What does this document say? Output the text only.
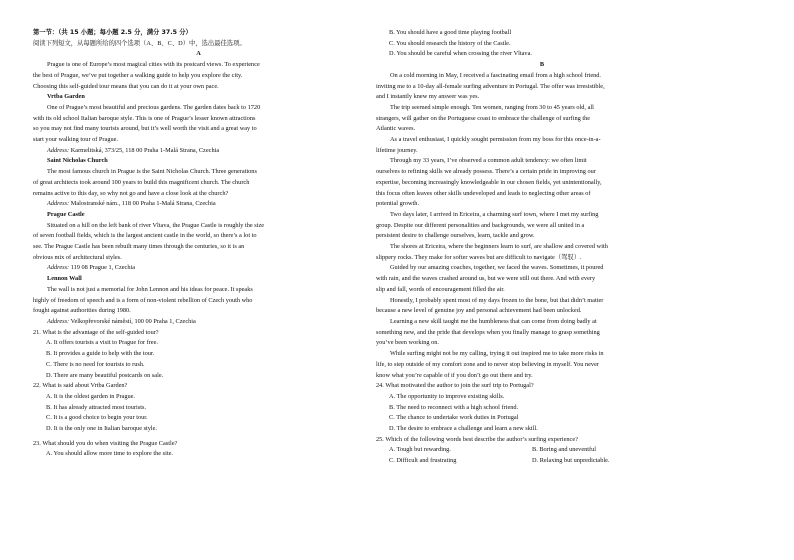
第一节：（共 15 小题；每小题 2.5 分，满分 37.5 分）

阅读下列短文，从每题所给的四个选项（A、B、C、D）中，选出最佳选项。

A

Prague is one of Europe’s most magical cities with its postcard views. To experience

the best of Prague, we’ve put together a walking guide to help you explore the city.

Choosing this self-guided tour means that you can do it at your own pace.

Vrtba Garden

One of Prague’s most beautiful and precious gardens. The garden dates back to 1720

with its old school Italian baroque style. This is one of Prague’s lesser known attractions

so you may not find many tourists around, but it’s well worth the visit and a great way to

start your walking tour of Prague.

Address: Karmelitská, 373/25, 118 00 Praha 1-Malá Strana, Czechia

Saint Nicholas Church

The most famous church in Prague is the Saint Nicholas Church. Three generations

of great architects took around 100 years to build this magnificent church. The church

remains active to this day, so why not go and have a close look at the church?

Address: Malostranské nám., 118 00 Praha 1-Malá Strana, Czechia

Prague Castle

Situated on a hill on the left bank of river Vltava, the Prague Castle is roughly the size

of seven football fields, which is the largest ancient castle in the world, so there’s a lot to

see. The Prague Castle has been rebuilt many times through the centuries, so it is an

obvious mix of architectural styles.

Address: 119 08 Prague 1, Czechia

Lennon Wall

The wall is not just a memorial for John Lennon and his ideas for peace. It speaks

highly of freedom of speech and is a form of non-violent rebellion of Czech youth who

fought against authorities during 1980.

Address: Velkopřevorské náměstí, 100 00 Praha 1, Czechia

21. What is the advantage of the self-guided tour?

A. It offers tourists a visit to Prague for free.

B. It provides a guide to help with the tour.

C. There is no need for tourists to rush.

D. There are many beautiful postcards on sale.

22. What is said about Vrtba Garden?

A. It is the oldest garden in Prague.

B. It has already attracted most tourists.

C. It is a good choice to begin your tour.

D. It is the only one in Italian baroque style.

23. What should you do when visiting the Prague Castle?

A. You should allow more time to explore the site.

B. You should have a good time playing football

C. You should research the history of the Castle.

D. You should be careful when crossing the river Vltava.

B

On a cold morning in May, I received a fascinating email from a high school friend.

inviting me to a 10-day all-female surfing adventure in Portugal. The offer was irresistible,

and I instantly knew my answer was yes.

The trip seemed simple enough. Ten women, ranging from 30 to 45 years old, all

strangers, will gather on the Portuguese coast to embrace the challenge of surfing the

Atlantic waves.

As a travel enthusiast, I quickly sought permission from my boss for this once-in-a-

lifetime journey.

Through my 33 years, I’ve observed a common adult tendency: we often limit

ourselves to refining skills we already possess. There’s a certain pride in improving our

expertise, becoming increasingly knowledgeable in our chosen fields, yet unintentionally,

this focus often leaves other skills undeveloped and leads to neglecting other areas of

potential growth.

Two days later, I arrived in Ericeira, a charming surf town, where I met my surfing

group. Despite our different personalities and backgrounds, we were all united in a

persistent desire to challenge ourselves, learn, tackle and grow.

The shores at Ericeira, where the beginners learn to surf, are shallow and covered with

slippery rocks. They make for softer waves but are difficult to navigate（驾驭）.

Guided by our amazing coaches, together, we faced the waves. Sometimes, it poured

with rain, and the waves crashed around us, but we were still out there. And with every

slip and fall, words of encouragement filled the air.

Honestly, I probably spent most of my days frozen to the bone, but that didn’t matter

because a new level of genuine joy and personal achievement had been unlocked.

Learning a new skill taught me the humbleness that can come from doing badly at

something new, and the pride that develops when you finally manage to grasp something

you’ve been working on.

While surfing might not be my calling, trying it out inspired me to take more risks in

life, to step outside of my comfort zone and to never stop believing in myself. You never

know what you’re capable of if you don’t go out there and try.

24. What motivated the author to join the surf trip to Portugal?

A. The opportunity to improve existing skills.

B. The need to reconnect with a high school friend.

C. The chance to undertake work duties in Portugal

D. The desire to embrace a challenge and learn a new skill.

25. Which of the following words best describe the author’s surfing experience?

A. Tough but rewarding.	B. Boring and uneventful
C. Difficult and frustrating	D. Relaxing but unpredictable.
